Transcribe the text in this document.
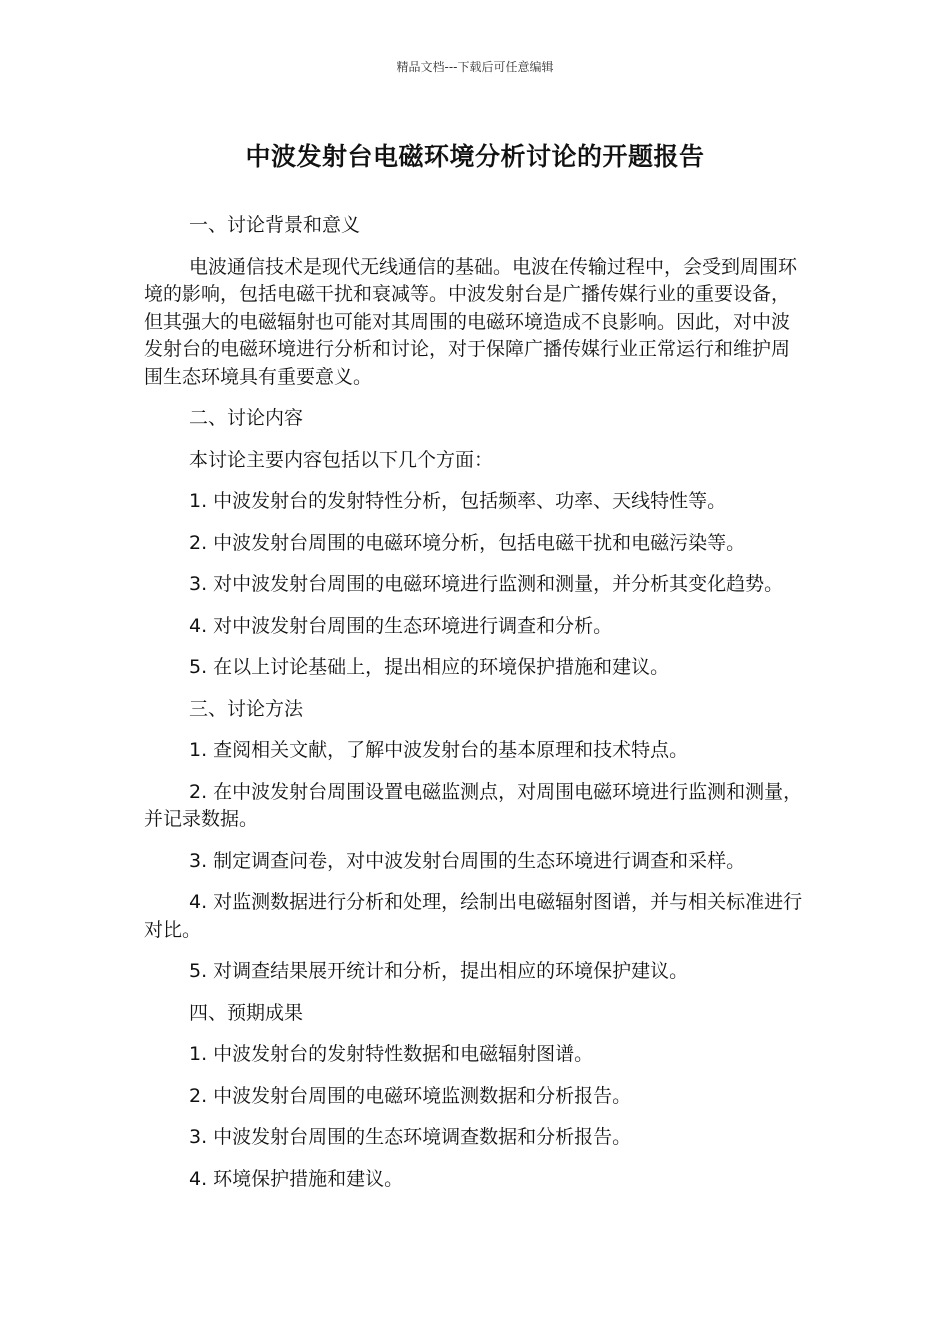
精品文档---下载后可任意编辑
中波发射台电磁环境分析讨论的开题报告

一、讨论背景和意义

电波通信技术是现代无线通信的基础。电波在传输过程中，会受到周围环境的影响，包括电磁干扰和衰减等。中波发射台是广播传媒行业的重要设备，但其强大的电磁辐射也可能对其周围的电磁环境造成不良影响。因此，对中波发射台的电磁环境进行分析和讨论，对于保障广播传媒行业正常运行和维护周围生态环境具有重要意义。

二、讨论内容

本讨论主要内容包括以下几个方面：

1. 中波发射台的发射特性分析，包括频率、功率、天线特性等。

2. 中波发射台周围的电磁环境分析，包括电磁干扰和电磁污染等。

3. 对中波发射台周围的电磁环境进行监测和测量，并分析其变化趋势。

4. 对中波发射台周围的生态环境进行调查和分析。

5. 在以上讨论基础上，提出相应的环境保护措施和建议。

三、讨论方法

1. 查阅相关文献，了解中波发射台的基本原理和技术特点。

2. 在中波发射台周围设置电磁监测点，对周围电磁环境进行监测和测量，并记录数据。

3. 制定调查问卷，对中波发射台周围的生态环境进行调查和采样。

4. 对监测数据进行分析和处理，绘制出电磁辐射图谱，并与相关标准进行对比。

5. 对调查结果展开统计和分析，提出相应的环境保护建议。

四、预期成果

1. 中波发射台的发射特性数据和电磁辐射图谱。

2. 中波发射台周围的电磁环境监测数据和分析报告。

3. 中波发射台周围的生态环境调查数据和分析报告。

4. 环境保护措施和建议。
